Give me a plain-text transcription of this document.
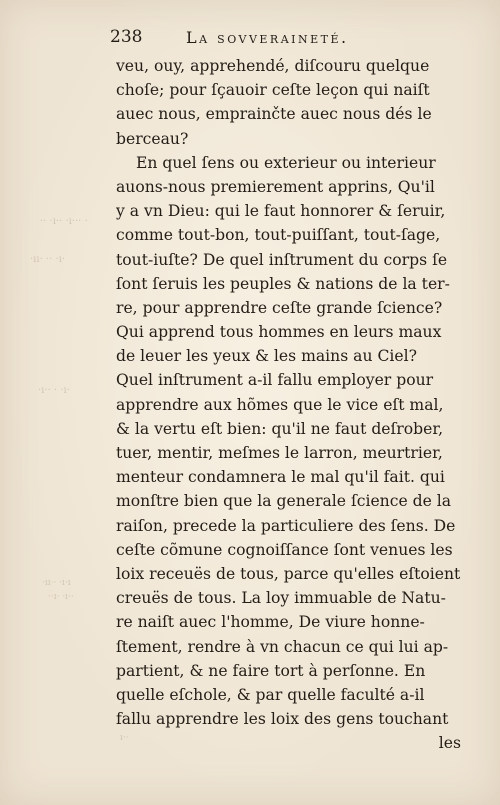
238	La sovveraineté.
·· ·ı·· ·ı··· ·
·ıı· ·· ·ı·
·ı·· · ·ı·
·ıı·· ·ı·ı
··ı· ·ı··
ı··
veu, ouy, apprehendé, diſcouru quelque
choſe; pour ſçauoir ceſte leçon qui naiſt
auec nous, emprainčte auec nous dés le
berceau?
En quel ſens ou exterieur ou interieur
auons-nous premierement apprins, Qu'il
y a vn Dieu: qui le faut honnorer & ſeruir,
comme tout-bon, tout-puiſſant, tout-ſage,
tout-iuſte? De quel inſtrument du corps ſe
ſont ſeruis les peuples & nations de la ter-
re, pour apprendre ceſte grande ſcience?
Qui apprend tous hommes en leurs maux
de leuer les yeux & les mains au Ciel?
Quel inſtrument a-il fallu employer pour
apprendre aux hõmes que le vice eſt mal,
& la vertu eſt bien: qu'il ne faut deſrober,
tuer, mentir, meſmes le larron, meurtrier,
menteur condamnera le mal qu'il fait. qui
monſtre bien que la generale ſcience de la
raiſon, precede la particuliere des ſens. De
ceſte cõmune cognoiſſance ſont venues les
loix receuës de tous, parce qu'elles eſtoient
creuës de tous. La loy immuable de Natu-
re naiſt auec l'homme, De viure honne-
ſtement, rendre à vn chacun ce qui lui ap-
partient, & ne faire tort à perſonne. En
quelle eſchole, & par quelle faculté a-il
fallu apprendre les loix des gens touchant
les
